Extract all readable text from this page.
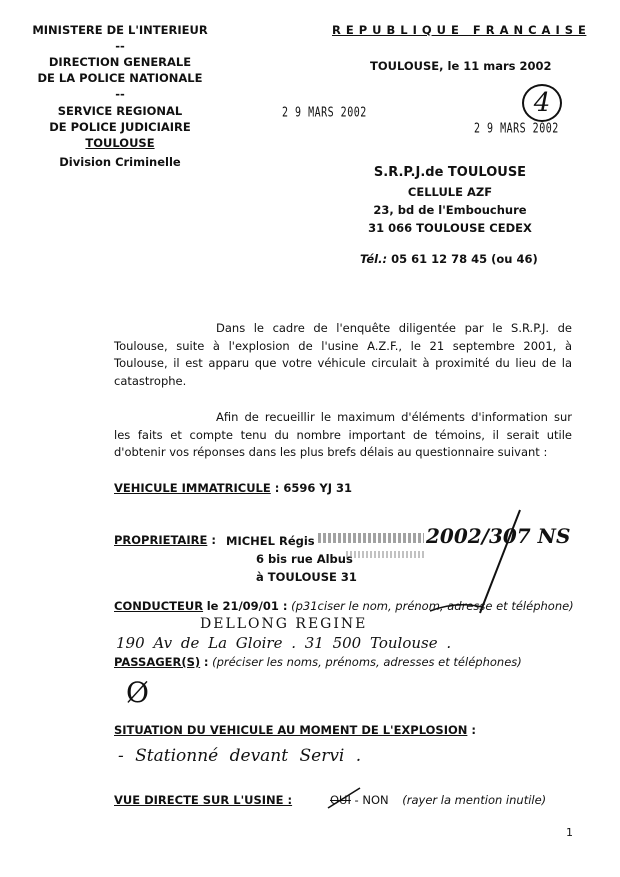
MINISTERE DE L'INTERIEUR
--
DIRECTION GENERALE
DE LA POLICE NATIONALE
--
SERVICE REGIONAL
DE POLICE JUDICIAIRE
TOULOUSE
Division Criminelle
R E P U B L I Q U E   F R A N C A I S E
TOULOUSE, le 11 mars 2002
2 9 MARS 2002
2 9 MARS 2002
4
S.R.P.J.de TOULOUSE
CELLULE AZF
23, bd de l'Embouchure
31 066 TOULOUSE CEDEX
Tél.: 05 61 12 78 45 (ou 46)
Dans le cadre de l'enquête diligentée par le S.R.P.J. de Toulouse, suite à l'explosion de l'usine A.Z.F., le 21 septembre 2001, à Toulouse, il est apparu que votre véhicule circulait à proximité du lieu de la catastrophe.
Afin de recueillir le maximum d'éléments d'information sur les faits et compte tenu du nombre important de témoins, il serait utile d'obtenir vos réponses dans les plus brefs délais au questionnaire suivant :
VEHICULE IMMATRICULE : 6596 YJ 31
PROPRIETAIRE : MICHEL Régis
6 bis rue Albus
à TOULOUSE 31
2002/307 NS
CONDUCTEUR le 21/09/01 : (p31ciser le nom, prénom, adresse et téléphone)
DELLONG REGINE
190 Av de La Gloire . 31 500 Toulouse .
PASSAGER(S) : (préciser les noms, prénoms, adresses et téléphones)
Ø
SITUATION DU VEHICULE AU MOMENT DE L'EXPLOSION :
- Stationné devant Servi .
VUE DIRECTE SUR L'USINE :	OUI - NON (rayer la mention inutile)
1
